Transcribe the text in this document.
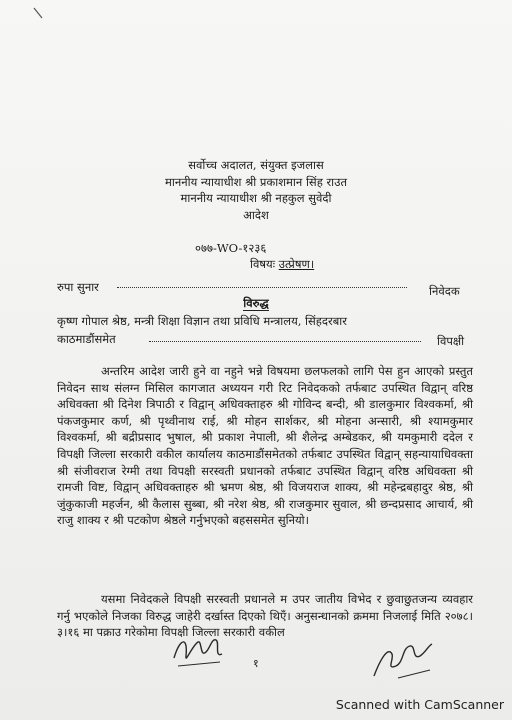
सर्वोच्च अदालत, संयुक्त इजलास
माननीय न्यायाधीश श्री प्रकाशमान सिंह राउत
माननीय न्यायाधीश श्री नहकुल सुवेदी
आदेश
०७७-WO-१२३६
विषयः उत्प्रेषण।
रुपा सुनार	निवेदक
विरुद्ध
कृष्ण गोपाल श्रेष्ठ, मन्त्री शिक्षा विज्ञान तथा प्रविधि मन्त्रालय, सिंहदरबार
काठमाडौंसमेत	विपक्षी

अन्तरिम आदेश जारी हुने वा नहुने भन्ने विषयमा छलफलको लागि पेस हुन आएको प्रस्तुत निवेदन साथ संलग्न मिसिल कागजात अध्ययन गरी रिट निवेदकको तर्फबाट उपस्थित विद्वान् वरिष्ठ अधिवक्ता श्री दिनेश त्रिपाठी र विद्वान् अधिवक्ताहरु श्री गोविन्द बन्दी, श्री डालकुमार विश्वकर्मा, श्री पंकजकुमार कर्ण, श्री पृथ्वीनाथ राई, श्री मोहन सार्शकर, श्री मोहना अन्सारी, श्री श्यामकुमार विश्वकर्मा, श्री बद्रीप्रसाद भुषाल, श्री प्रकाश नेपाली, श्री शैलेन्द्र अम्बेडकर, श्री यमकुमारी ददेल र विपक्षी जिल्ला सरकारी वकील कार्यालय काठमाडौंसमेतको तर्फबाट उपस्थित विद्वान् सहन्यायाधिवक्ता श्री संजीवराज रेग्मी तथा विपक्षी सरस्वती प्रधानको तर्फबाट उपस्थित विद्वान् वरिष्ठ अधिवक्ता श्री रामजी विष्ट, विद्वान् अधिवक्ताहरु श्री भ्रमण श्रेष्ठ, श्री विजयराज शाक्य, श्री महेन्द्रबहादुर श्रेष्ठ, श्री जुंकुकाजी महर्जन, श्री कैलास सुब्बा, श्री नरेश श्रेष्ठ, श्री राजकुमार सुवाल, श्री छन्दप्रसाद आचार्य, श्री राजु शाक्य र श्री पटकोण श्रेष्ठले गर्नुभएको बहससमेत सुनियो।

यसमा निवेदकले विपक्षी सरस्वती प्रधानले म उपर जातीय विभेद र छुवाछुतजन्य व्यवहार गर्नु भएकोले निजका विरुद्ध जाहेरी दर्खास्त दिएको थिएँ। अनुसन्धानको क्रममा निजलाई मिति २०७८।३।१६ मा पक्राउ गरेकोमा विपक्षी जिल्ला सरकारी वकील

१
Scanned with CamScanner
